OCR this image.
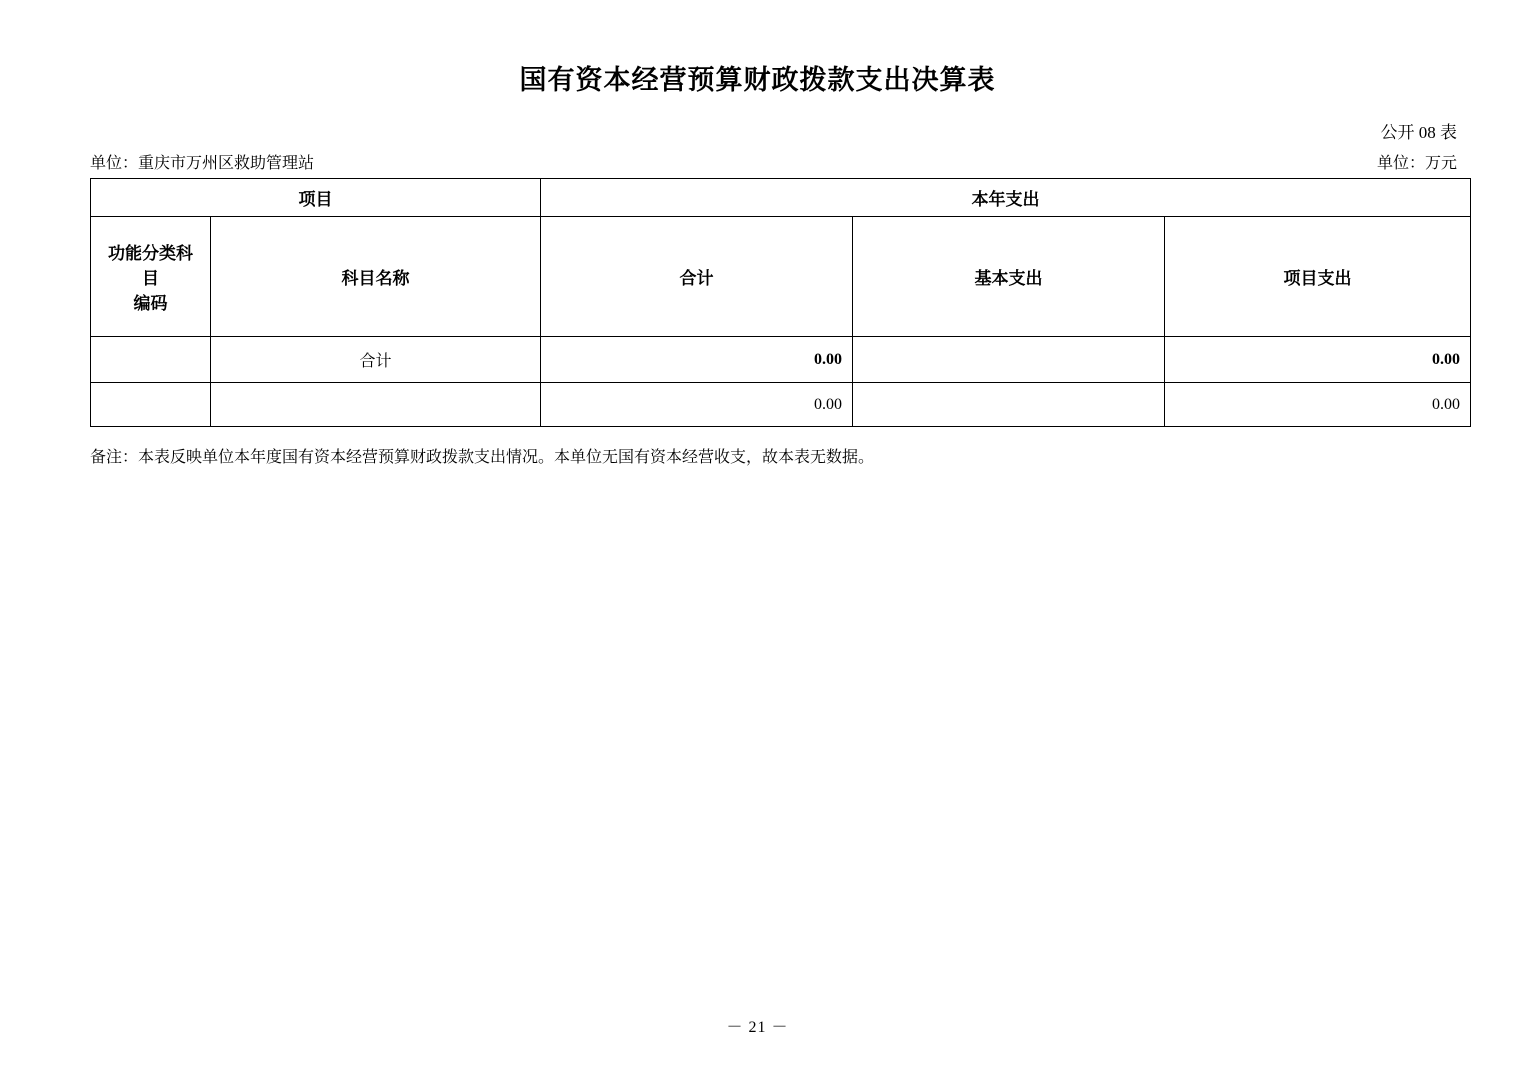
国有资本经营预算财政拨款支出决算表
公开 08 表
单位：重庆市万州区救助管理站	单位：万元
项目		本年支出		

功能分类科目
编码	科目名称	合计	基本支出	项目支出
	合计	0.00		0.00
		0.00		0.00
备注：本表反映单位本年度国有资本经营预算财政拨款支出情况。本单位无国有资本经营收支，故本表无数据。
－ 21 －
